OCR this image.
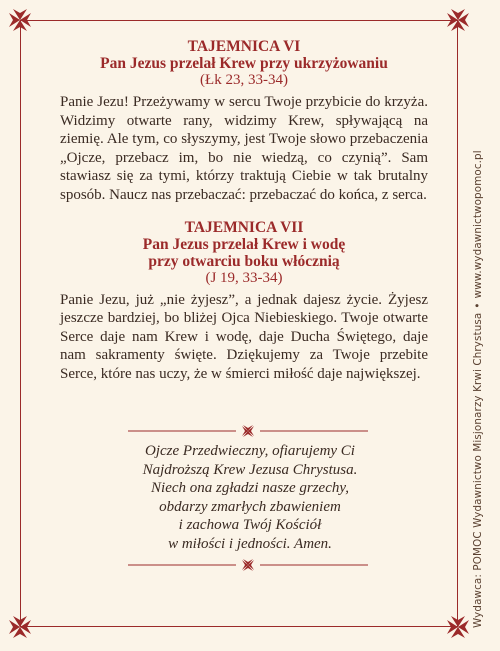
TAJEMNICA VI

Pan Jezus przelał Krew przy ukrzyżowaniu

(Łk 23, 33-34)

Panie Jezu! Przeżywamy w sercu Twoje przybicie do krzyża. Widzimy otwarte rany, widzimy Krew, spływającą na ziemię. Ale tym, co słyszymy, jest Twoje słowo przebaczenia „Ojcze, przebacz im, bo nie wiedzą, co czynią”. Sam stawiasz się za tymi, którzy traktują Ciebie w tak brutalny sposób. Naucz nas przebaczać: przebaczać do końca, z serca.

TAJEMNICA VII

Pan Jezus przelał Krew i wodę

przy otwarciu boku włócznią

(J 19, 33-34)

Panie Jezu, już „nie żyjesz”, a jednak dajesz życie. Żyjesz jeszcze bardziej, bo bliżej Ojca Niebieskiego. Twoje otwarte Serce daje nam Krew i wodę, daje Ducha Świętego, daje nam sakramenty święte. Dziękujemy za Twoje przebite Serce, które nas uczy, że w śmierci miłość daje największej.

Ojcze Przedwieczny, ofiarujemy Ci
Najdroższą Krew Jezusa Chrystusa.
Niech ona zgładzi nasze grzechy,
obdarzy zmarłych zbawieniem
i zachowa Twój Kościół
w miłości i jedności. Amen.	Wydawca: POMOC Wydawnictwo Misjonarzy Krwi Chrystusa•www.wydawnictwopomoc.pl
